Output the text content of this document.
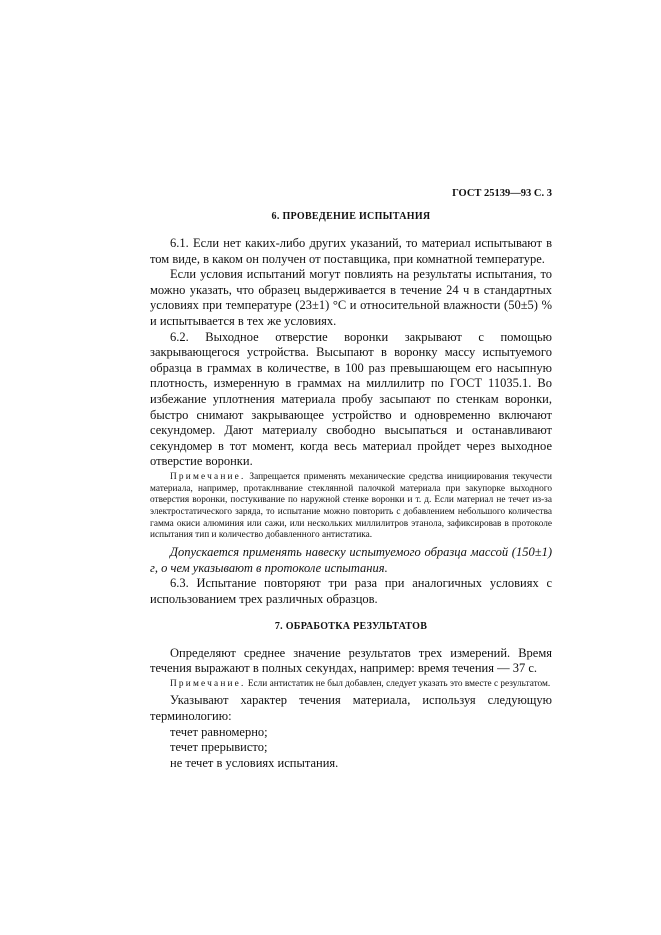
ГОСТ 25139—93 С. 3
6. ПРОВЕДЕНИЕ ИСПЫТАНИЯ

6.1. Если нет каких-либо других указаний, то материал испытывают в том виде, в каком он получен от поставщика, при комнатной температуре.

Если условия испытаний могут повлиять на результаты испытания, то можно указать, что образец выдерживается в течение 24 ч в стандартных условиях при температуре (23±1) °С и относительной влажности (50±5) % и испытывается в тех же условиях.

6.2. Выходное отверстие воронки закрывают с помощью закрывающегося устройства. Высыпают в воронку массу испытуемого образца в граммах в количестве, в 100 раз превышающем его насыпную плотность, измеренную в граммах на миллилитр по ГОСТ 11035.1. Во избежание уплотнения материала пробу засыпают по стенкам воронки, быстро снимают закрывающее устройство и одновременно включают секундомер. Дают материалу свободно высыпаться и останавливают секундомер в тот момент, когда весь материал пройдет через выходное отверстие воронки.

Примечание. Запрещается применять механические средства инициирования текучести материала, например, протаклнвание стеклянной палочкой материала при закупорке выходного отверстия воронки, постукивание по наружной стенке воронки и т. д. Если материал не течет из-за электростатического заряда, то испытание можно повторить с добавлением небольшого количества гамма окиси алюминия или сажи, или нескольких миллилитров этанола, зафиксировав в протоколе испытания тип и количество добавленного антистатика.

Допускается применять навеску испытуемого образца массой (150±1) г, о чем указывают в протоколе испытания.

6.3. Испытание повторяют три раза при аналогичных условиях с использованием трех различных образцов.

7. ОБРАБОТКА РЕЗУЛЬТАТОВ

Определяют среднее значение результатов трех измерений. Время течения выражают в полных секундах, например: время течения — 37 с.

Примечание. Если антистатик не был добавлен, следует указать это вместе с результатом.

Указывают характер течения материала, используя следующую терминологию:

течет равномерно;
течет прерывисто;
не течет в условиях испытания.
